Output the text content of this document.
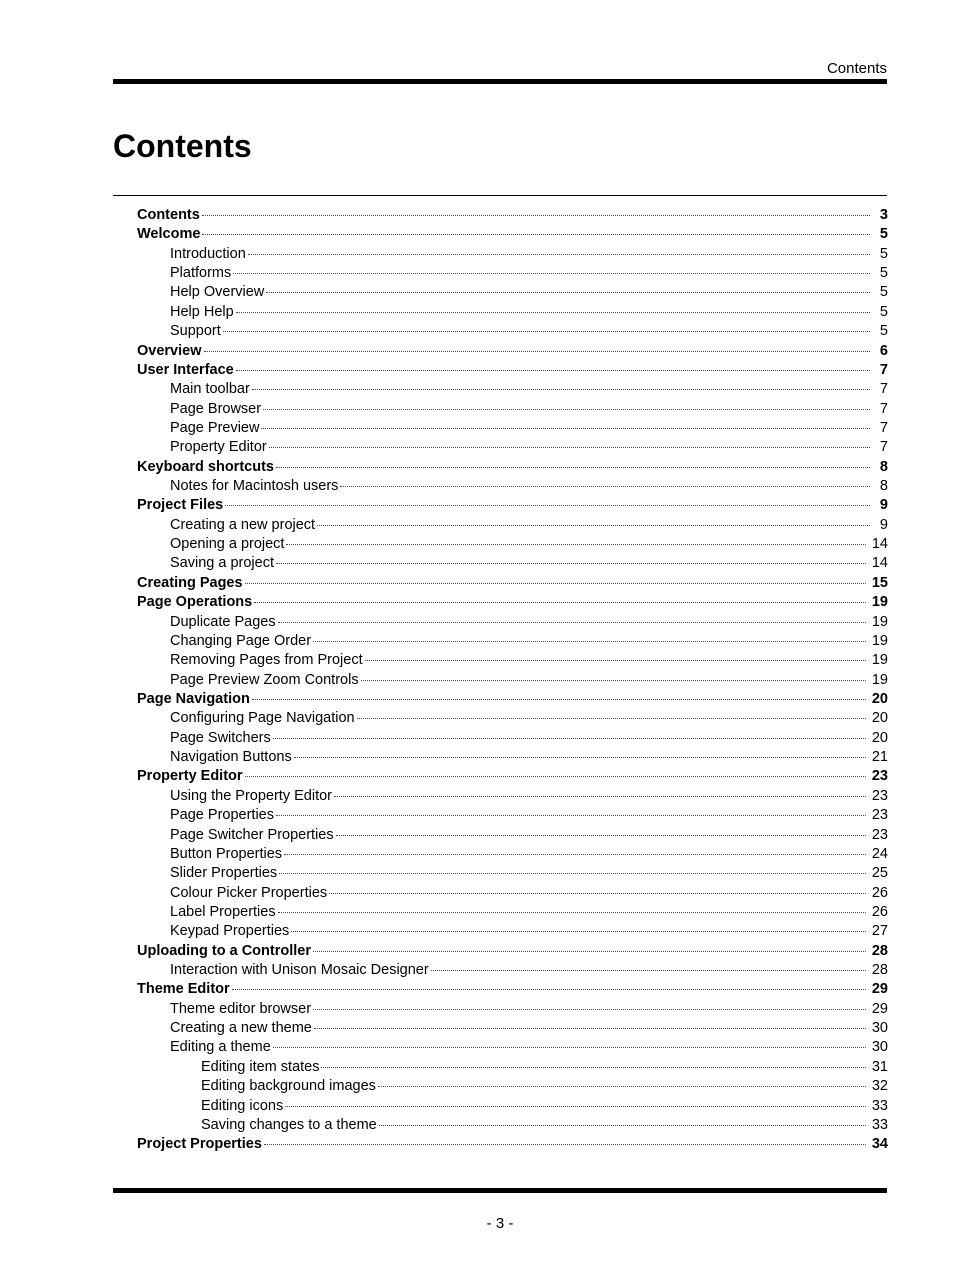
Contents
Contents
Contents	3
Welcome	5
Introduction	5
Platforms	5
Help Overview	5
Help Help	5
Support	5
Overview	6
User Interface	7
Main toolbar	7
Page Browser	7
Page Preview	7
Property Editor	7
Keyboard shortcuts	8
Notes for Macintosh users	8
Project Files	9
Creating a new project	9
Opening a project	14
Saving a project	14
Creating Pages	15
Page Operations	19
Duplicate Pages	19
Changing Page Order	19
Removing Pages from Project	19
Page Preview Zoom Controls	19
Page Navigation	20
Configuring Page Navigation	20
Page Switchers	20
Navigation Buttons	21
Property Editor	23
Using the Property Editor	23
Page Properties	23
Page Switcher Properties	23
Button Properties	24
Slider Properties	25
Colour Picker Properties	26
Label Properties	26
Keypad Properties	27
Uploading to a Controller	28
Interaction with Unison Mosaic Designer	28
Theme Editor	29
Theme editor browser	29
Creating a new theme	30
Editing a theme	30
Editing item states	31
Editing background images	32
Editing icons	33
Saving changes to a theme	33
Project Properties	34
- 3 -
